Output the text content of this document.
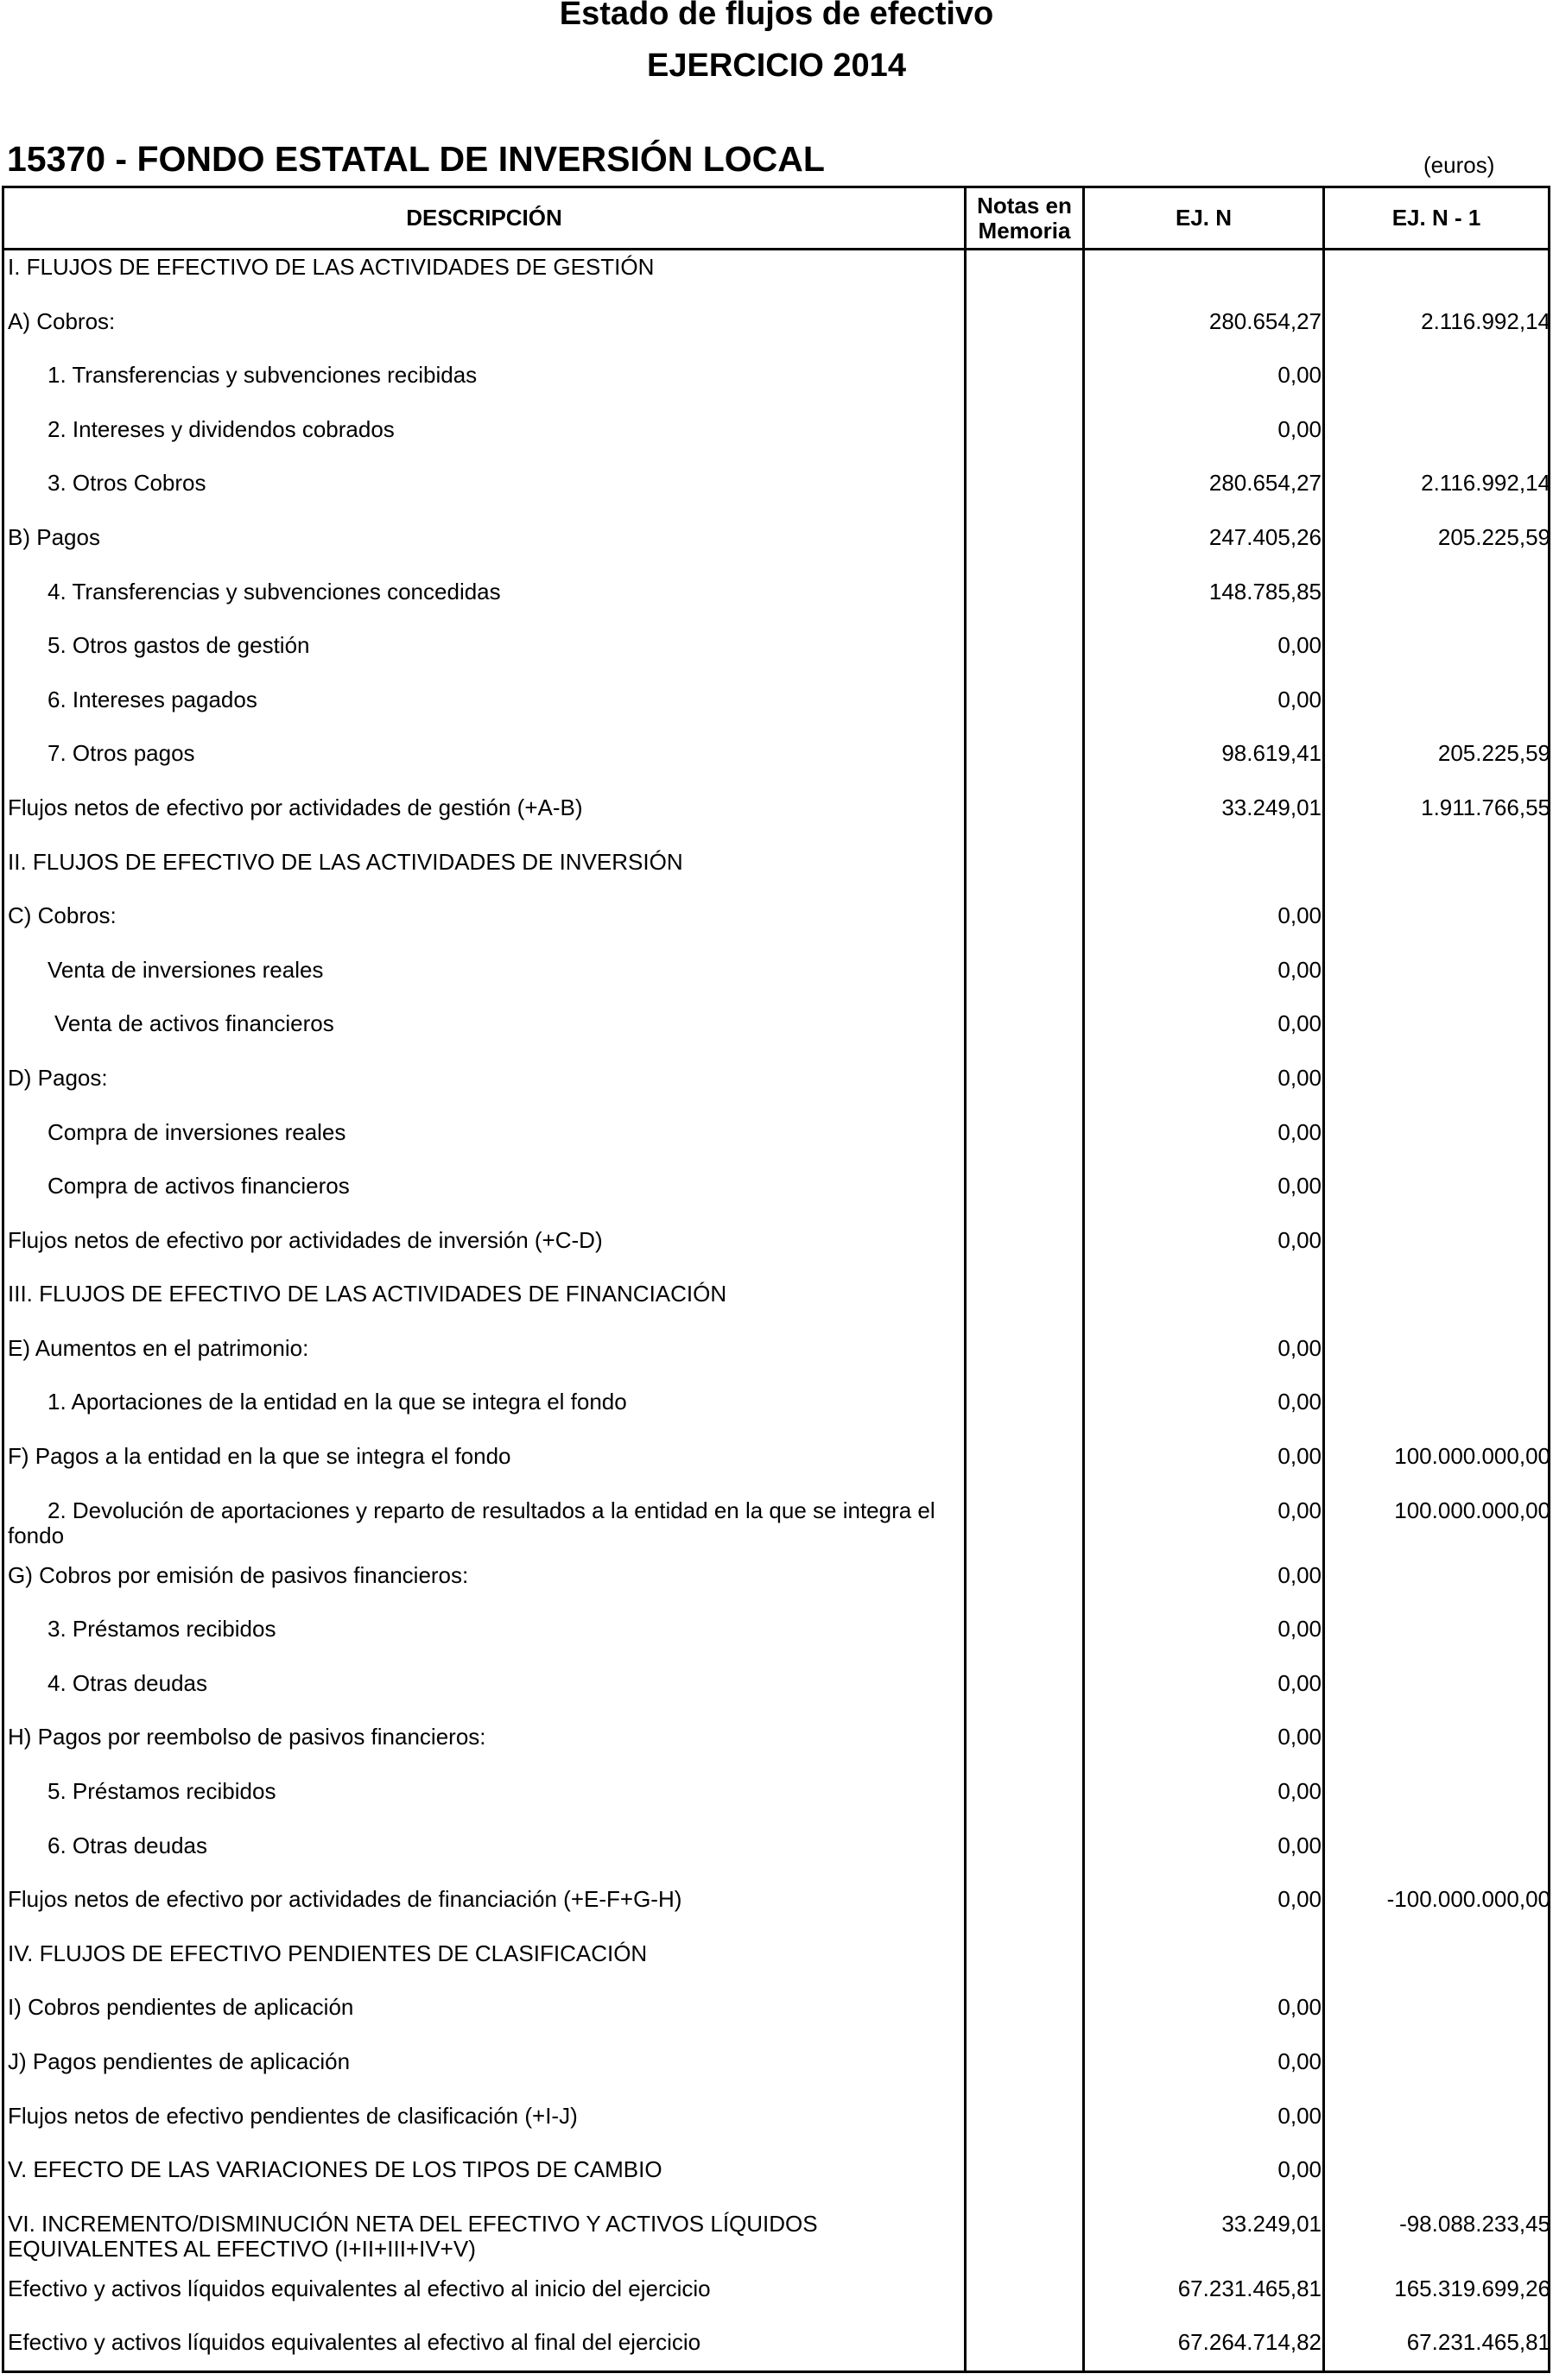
Estado de flujos de efectivo
EJERCICIO 2014
15370 - FONDO ESTATAL DE INVERSIÓN LOCAL	(euros)
DESCRIPCIÓN	Notas en Memoria	EJ. N	EJ. N - 1
I. FLUJOS DE EFECTIVO DE LAS ACTIVIDADES DE GESTIÓN
A) Cobros:	280.654,27	2.116.992,14
1. Transferencias y subvenciones recibidas	0,00
2. Intereses y dividendos cobrados	0,00
3. Otros Cobros	280.654,27	2.116.992,14
B) Pagos	247.405,26	205.225,59
4. Transferencias y subvenciones concedidas	148.785,85
5. Otros gastos de gestión	0,00
6. Intereses pagados	0,00
7. Otros pagos	98.619,41	205.225,59
Flujos netos de efectivo por actividades de gestión (+A-B)	33.249,01	1.911.766,55
II. FLUJOS DE EFECTIVO DE LAS ACTIVIDADES DE INVERSIÓN
C) Cobros:	0,00
Venta de inversiones reales	0,00
Venta de activos financieros	0,00
D) Pagos:	0,00
Compra de inversiones reales	0,00
Compra de activos financieros	0,00
Flujos netos de efectivo por actividades de inversión (+C-D)	0,00
III. FLUJOS DE EFECTIVO DE LAS ACTIVIDADES DE FINANCIACIÓN
E) Aumentos en el patrimonio:	0,00
1. Aportaciones de la entidad en la que se integra el fondo	0,00
F) Pagos a la entidad en la que se integra el fondo	0,00	100.000.000,00
2. Devolución de aportaciones y reparto de resultados a la entidad en la que se integra el fondo
0,00	100.000.000,00
G) Cobros por emisión de pasivos financieros:	0,00
3. Préstamos recibidos	0,00
4. Otras deudas	0,00
H) Pagos por reembolso de pasivos financieros:	0,00
5. Préstamos recibidos	0,00
6. Otras deudas	0,00
Flujos netos de efectivo por actividades de financiación (+E-F+G-H)	0,00	-100.000.000,00
IV. FLUJOS DE EFECTIVO PENDIENTES DE CLASIFICACIÓN
I) Cobros pendientes de aplicación	0,00
J) Pagos pendientes de aplicación	0,00
Flujos netos de efectivo pendientes de clasificación (+I-J)	0,00
V. EFECTO DE LAS VARIACIONES DE LOS TIPOS DE CAMBIO	0,00
VI. INCREMENTO/DISMINUCIÓN NETA DEL EFECTIVO Y ACTIVOS LÍQUIDOS EQUIVALENTES AL EFECTIVO (I+II+III+IV+V)
33.249,01	-98.088.233,45
Efectivo y activos líquidos equivalentes al efectivo al inicio del ejercicio	67.231.465,81	165.319.699,26
Efectivo y activos líquidos equivalentes al efectivo al final del ejercicio	67.264.714,82	67.231.465,81
